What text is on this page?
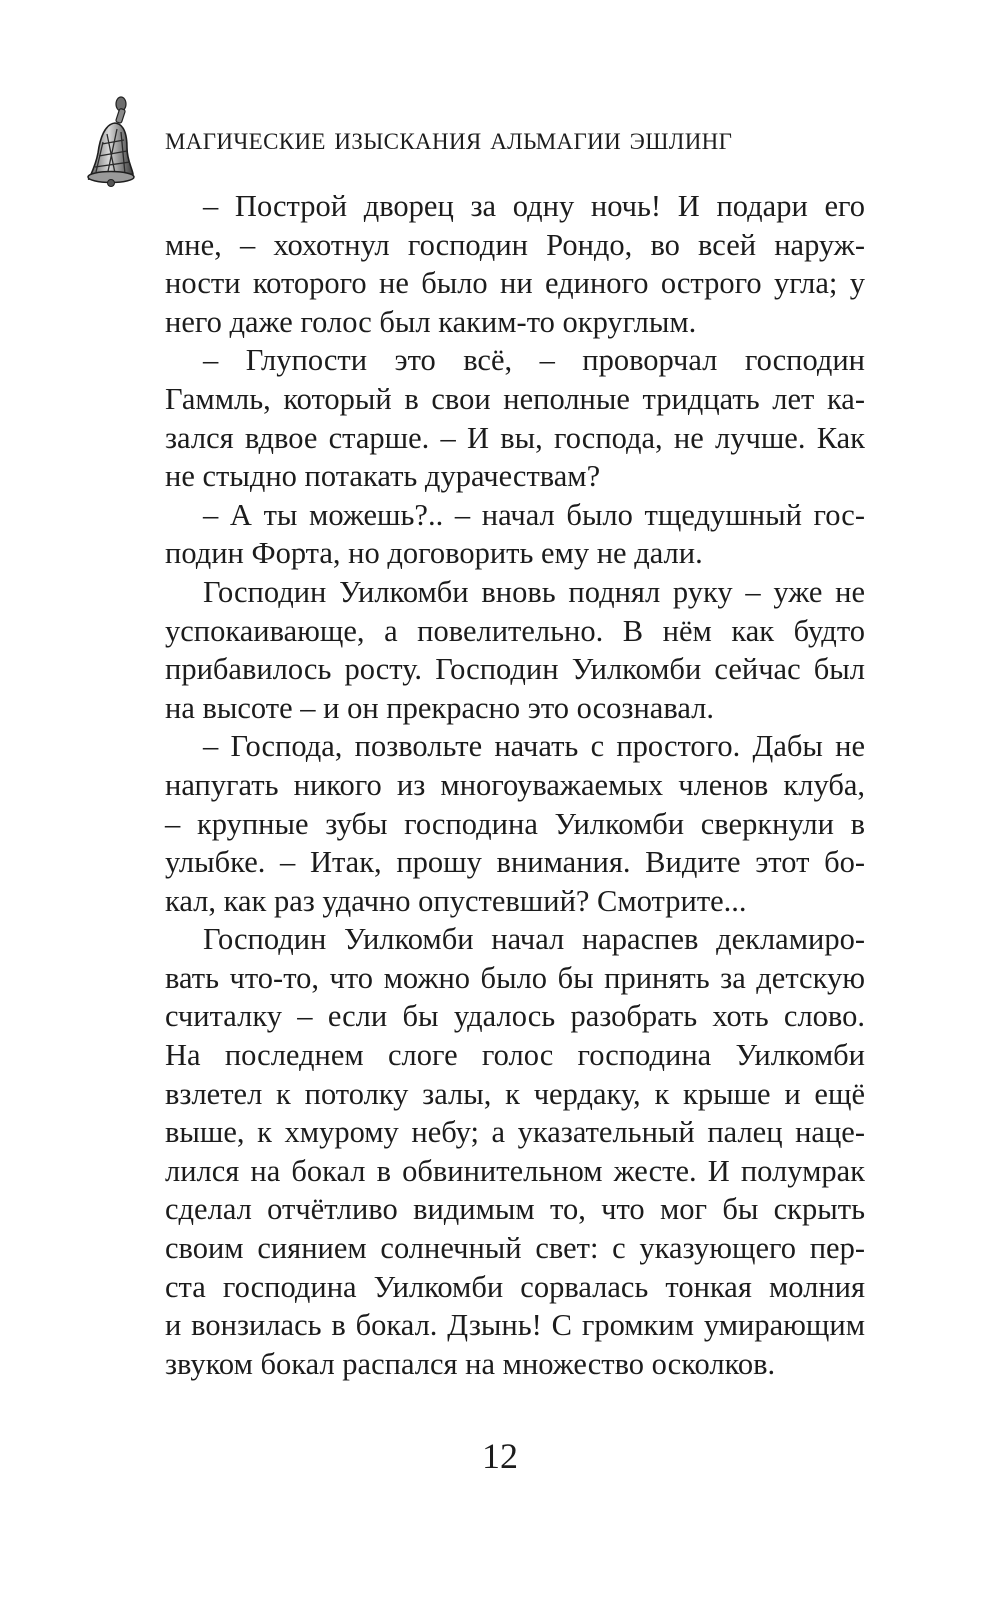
магические изыскания альмагии эшлинг
– Построй дворец за одну ночь! И подари его
мне, – хохотнул господин Рондо, во всей наруж-
ности которого не было ни единого острого угла; у
него даже голос был каким-то округлым.
– Глупости это всё, – проворчал господин
Гаммль, который в свои неполные тридцать лет ка-
зался вдвое старше. – И вы, господа, не лучше. Как
не стыдно потакать дурачествам?
– А ты можешь?.. – начал было тщедушный гос-
подин Форта, но договорить ему не дали.
Господин Уилкомби вновь поднял руку – уже не
успокаивающе, а повелительно. В нём как будто
прибавилось росту. Господин Уилкомби сейчас был
на высоте – и он прекрасно это осознавал.
– Господа, позвольте начать с простого. Дабы не
напугать никого из многоуважаемых членов клуба,
– крупные зубы господина Уилкомби сверкнули в
улыбке. – Итак, прошу внимания. Видите этот бо-
кал, как раз удачно опустевший? Смотрите...
Господин Уилкомби начал нараспев декламиро-
вать что-то, что можно было бы принять за детскую
считалку – если бы удалось разобрать хоть слово.
На последнем слоге голос господина Уилкомби
взлетел к потолку залы, к чердаку, к крыше и ещё
выше, к хмурому небу; а указательный палец наце-
лился на бокал в обвинительном жесте. И полумрак
сделал отчётливо видимым то, что мог бы скрыть
своим сиянием солнечный свет: с указующего пер-
ста господина Уилкомби сорвалась тонкая молния
и вонзилась в бокал. Дзынь! С громким умирающим
звуком бокал распался на множество осколков.
12
